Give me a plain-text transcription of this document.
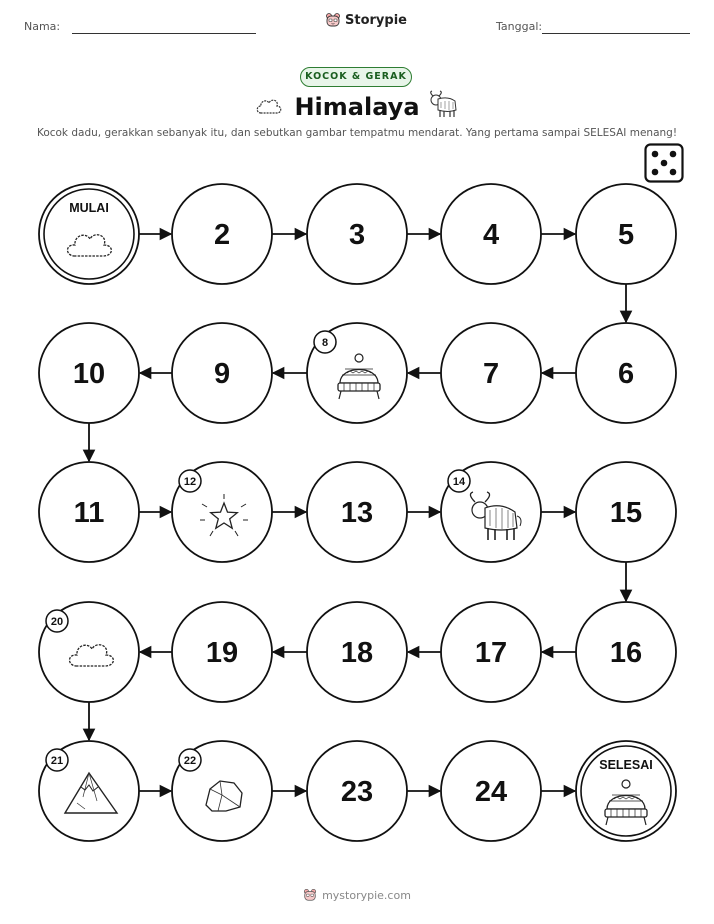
Nama:	Storypie	Tanggal:
KOCOK & GERAK
Himalaya
Kocok dadu, gerakkan sebanyak itu, dan sebutkan gambar tempatmu mendarat. Yang pertama sampai SELESAI menang!
MULAI
2	3	4	5
6
7
8
9
10
11
12
13
14
15
16
17
18
19
20
21	22
23	24
SELESAI
mystorypie.com
